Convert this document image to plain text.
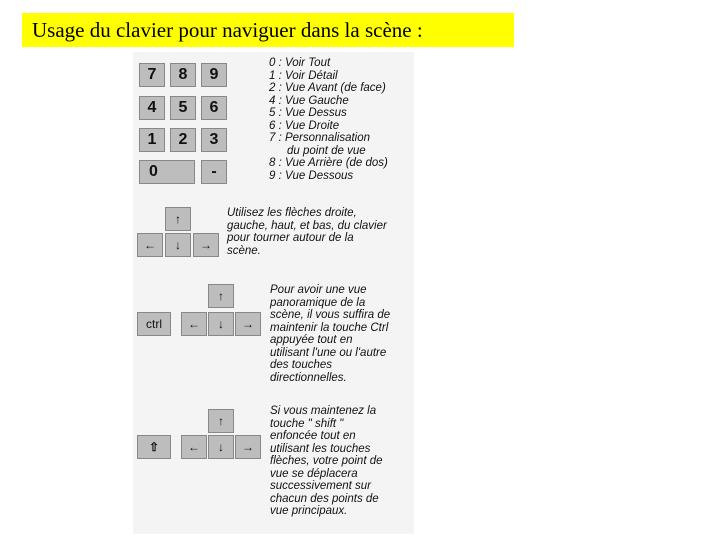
Usage du clavier pour naviguer dans la scène :
7	8	9
4	5	6
1	2	3
0	-
0 : Voir Tout
1 : Voir Détail
2 : Vue Avant (de face)
4 : Vue Gauche
5 : Vue Dessus
6 : Vue Droite
7 : Personnalisation
du point de vue
8 : Vue Arrière (de dos)
9 : Vue Dessous
↑
←	↓	→
Utilisez les flèches droite,
gauche, haut, et bas, du clavier
pour tourner autour de la
scène.
↑
ctrl	←	↓	→
Pour avoir une vue
panoramique de la
scène, il vous suffira de
maintenir la touche Ctrl
appuyée tout en
utilisant l'une ou l'autre
des touches
directionnelles.
↑
⇧	←	↓	→
Si vous maintenez la
touche " shift "
enfoncée tout en
utilisant les touches
flèches, votre point de
vue se déplacera
successivement sur
chacun des points de
vue principaux.
